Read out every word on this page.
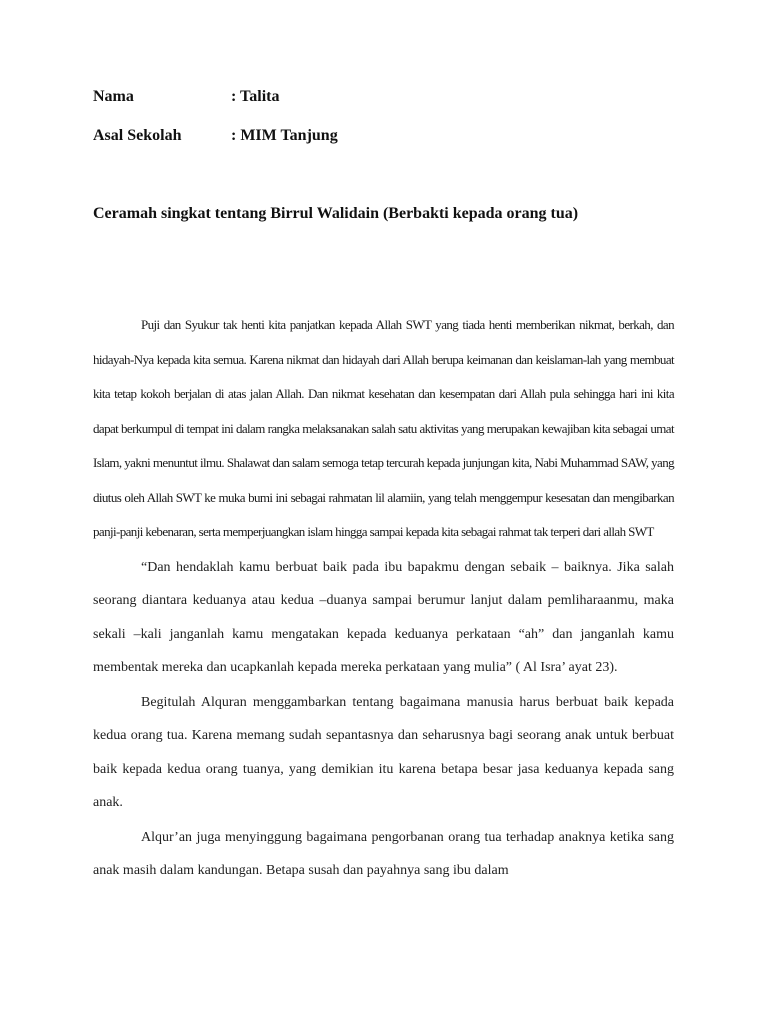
Nama	: Talita
Asal Sekolah	: MIM Tanjung
Ceramah singkat tentang Birrul Walidain (Berbakti kepada orang tua)

Puji dan Syukur tak henti kita panjatkan kepada Allah SWT yang tiada henti memberikan nikmat, berkah, dan hidayah-Nya kepada kita semua. Karena nikmat dan hidayah dari Allah berupa keimanan dan keislaman-lah yang membuat kita tetap kokoh berjalan di atas jalan Allah. Dan nikmat kesehatan dan kesempatan dari Allah pula sehingga hari ini kita dapat berkumpul di tempat ini dalam rangka melaksanakan salah satu aktivitas yang merupakan kewajiban kita sebagai umat Islam, yakni menuntut ilmu. Shalawat dan salam semoga tetap tercurah kepada junjungan kita, Nabi Muhammad SAW, yang diutus oleh Allah SWT ke muka bumi ini sebagai rahmatan lil alamiin, yang telah menggempur kesesatan dan mengibarkan panji-panji kebenaran, serta memperjuangkan islam hingga sampai kepada kita sebagai rahmat tak terperi dari allah SWT

“Dan hendaklah kamu berbuat baik pada ibu bapakmu dengan sebaik – baiknya. Jika salah seorang diantara keduanya atau kedua –duanya sampai berumur lanjut dalam pemliharaanmu, maka sekali –kali janganlah kamu mengatakan kepada keduanya perkataan “ah” dan janganlah kamu membentak mereka dan ucapkanlah kepada mereka perkataan yang mulia” ( Al Isra’ ayat 23).

Begitulah Alquran menggambarkan tentang bagaimana manusia harus berbuat baik kepada kedua orang tua. Karena memang sudah sepantasnya dan seharusnya bagi seorang anak untuk berbuat baik kepada kedua orang tuanya, yang demikian itu karena betapa besar jasa keduanya kepada sang anak.

Alqur’an juga menyinggung bagaimana pengorbanan orang tua terhadap anaknya ketika sang anak masih dalam kandungan. Betapa susah dan payahnya sang ibu dalam
